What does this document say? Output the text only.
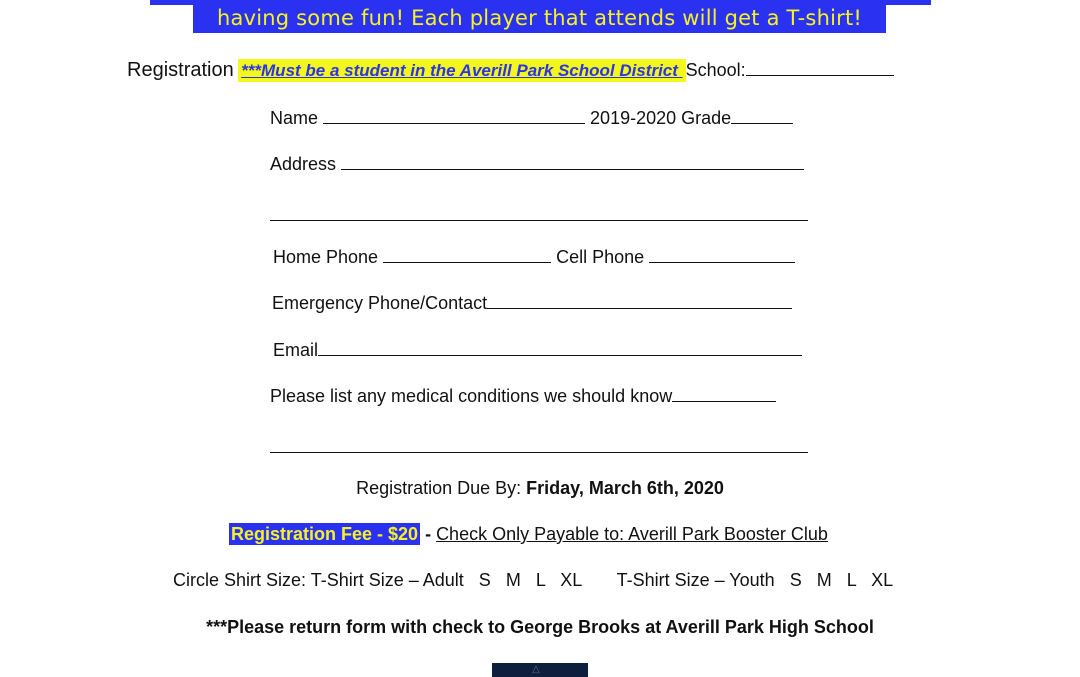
having some fun! Each player that attends will get a T-shirt!
Registration ***Must be a student in the Averill Park School District School:
Name	2019-2020 Grade
Address
Home Phone	Cell Phone
Emergency Phone/Contact
Email
Please list any medical conditions we should know
Registration Due By: Friday, March 6th, 2020
Registration Fee - $20 - Check Only Payable to: Averill Park Booster Club
Circle Shirt Size: T-Shirt Size – Adult S M L XL T-Shirt Size – Youth S M L XL
***Please return form with check to George Brooks at Averill Park High School
△
